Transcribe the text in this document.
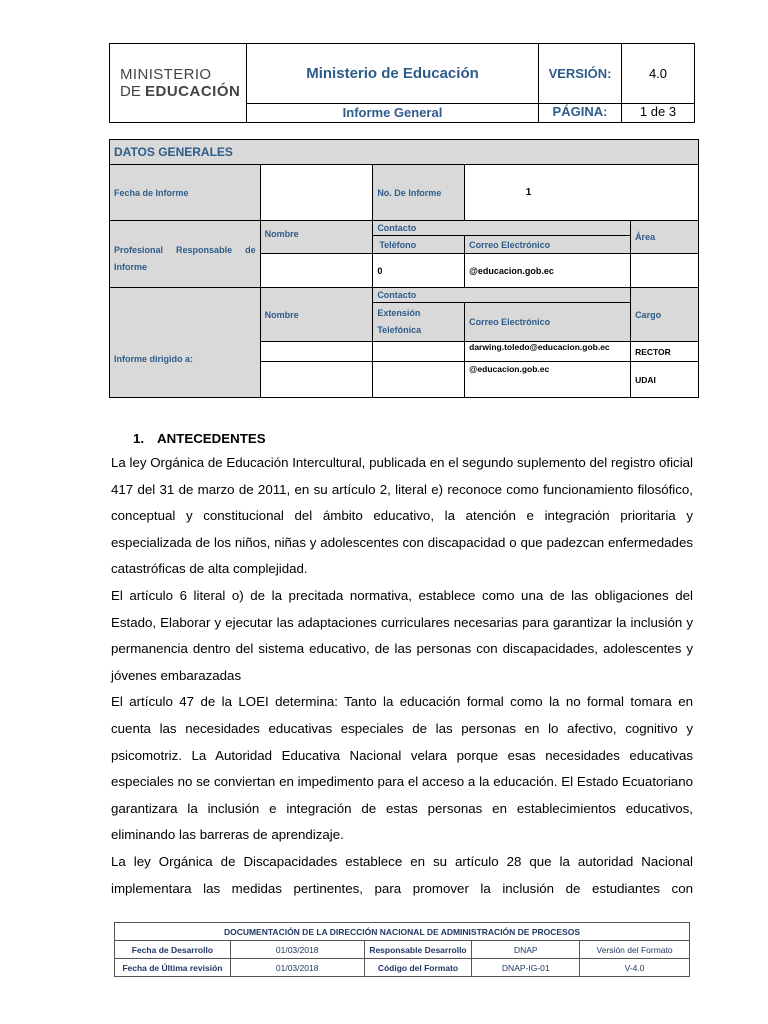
MINISTERIO
DE EDUCACIÓN	Ministerio de Educación	VERSIÓN:	4.0
	Informe General	PÁGINA:	1 de 3
DATOS GENERALES				
Fecha de Informe		No. De Informe	1	

Profesional Responsable de Informe	Nombre	Contacto		Área
		Teléfono	Correo Electrónico	
		0	@educacion.gob.ec	
Informe dirigido a:	Nombre	Contacto		Cargo
		Extensión Telefónica	Correo Electrónico	
			darwing.toledo@educacion.gob.ec	RECTOR
			@educacion.gob.ec	UDAI
1. ANTECEDENTES

La ley Orgánica de Educación Intercultural, publicada en el segundo suplemento del registro oficial 417 del 31 de marzo de 2011, en su artículo 2, literal e) reconoce como funcionamiento filosófico, conceptual y constitucional del ámbito educativo, la atención e integración prioritaria y especializada de los niños, niñas y adolescentes con discapacidad o que padezcan enfermedades catastróficas de alta complejidad.

El artículo 6 literal o) de la precitada normativa, establece como una de las obligaciones del Estado, Elaborar y ejecutar las adaptaciones curriculares necesarias para garantizar la inclusión y permanencia dentro del sistema educativo, de las personas con discapacidades, adolescentes y jóvenes embarazadas

El artículo 47 de la LOEI determina: Tanto la educación formal como la no formal tomara en cuenta las necesidades educativas especiales de las personas en lo afectivo, cognitivo y psicomotriz. La Autoridad Educativa Nacional velara porque esas necesidades educativas especiales no se conviertan en impedimento para el acceso a la educación. El Estado Ecuatoriano garantizara la inclusión e integración de estas personas en establecimientos educativos, eliminando las barreras de aprendizaje.

La ley Orgánica de Discapacidades establece en su artículo 28 que la autoridad Nacional implementara las medidas pertinentes, para promover la inclusión de estudiantes con

DOCUMENTACIÓN DE LA DIRECCIÓN NACIONAL DE ADMINISTRACIÓN DE PROCESOS				
Fecha de Desarrollo	01/03/2018	Responsable Desarrollo	DNAP	Versión del Formato
Fecha de Última revisión	01/03/2018	Código del Formato	DNAP-IG-01	V-4.0
